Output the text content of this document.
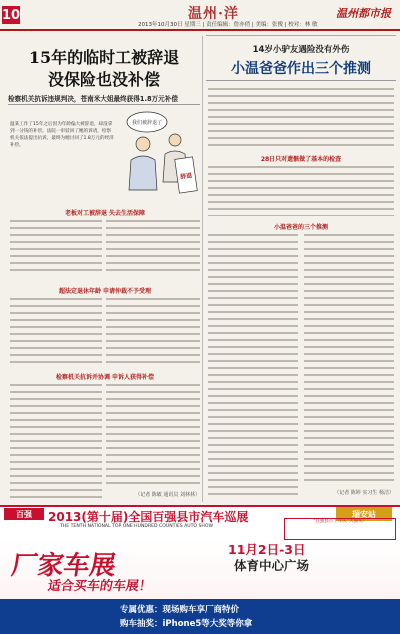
10	温州·洋	温州都市报
2013年10月30日 星期三 | 责任编辑：詹亦俏 | 美编：张俊 | 校对：林 敏
15年的临时工被辞退
没保险也没补偿
检察机关抗诉违规判决，苍南米大姐最终获得1.8万元补偿
温某工作了15年之后因为年龄偏大被辞退，却没拿到一分钱的补偿。法院一审驳回了她的诉请，检察机关依法提出抗诉，最终为她讨回了1.8万元的经济补偿。
我们被辞退了
辞退
老板对工被辞退 失去生活保障
超法定退休年龄 申请仲裁不予受理
检察机关抗诉并协调 申诉人获得补偿
（记者 陈敏 通讯员 刘林林）
14岁小驴友遇险没有外伤
小温爸爸作出三个推测
28日只对遗骸做了基本的检查
小温爸爸的三个推测
（记者 陈婷 实习生 杨洁）
百强	2013(第十届)全国百强县市汽车巡展
THE TENTH NATIONAL TOP ONE HUNDRED COUNTIES AUTO SHOW
瑞安站
“百强县市十年庆”大抽奖！
厂家车展
适合买车的车展！
11月2日-3日
体育中心广场
专属优惠：现场购车享厂商特价
购车抽奖：iPhone5等大奖等你拿
